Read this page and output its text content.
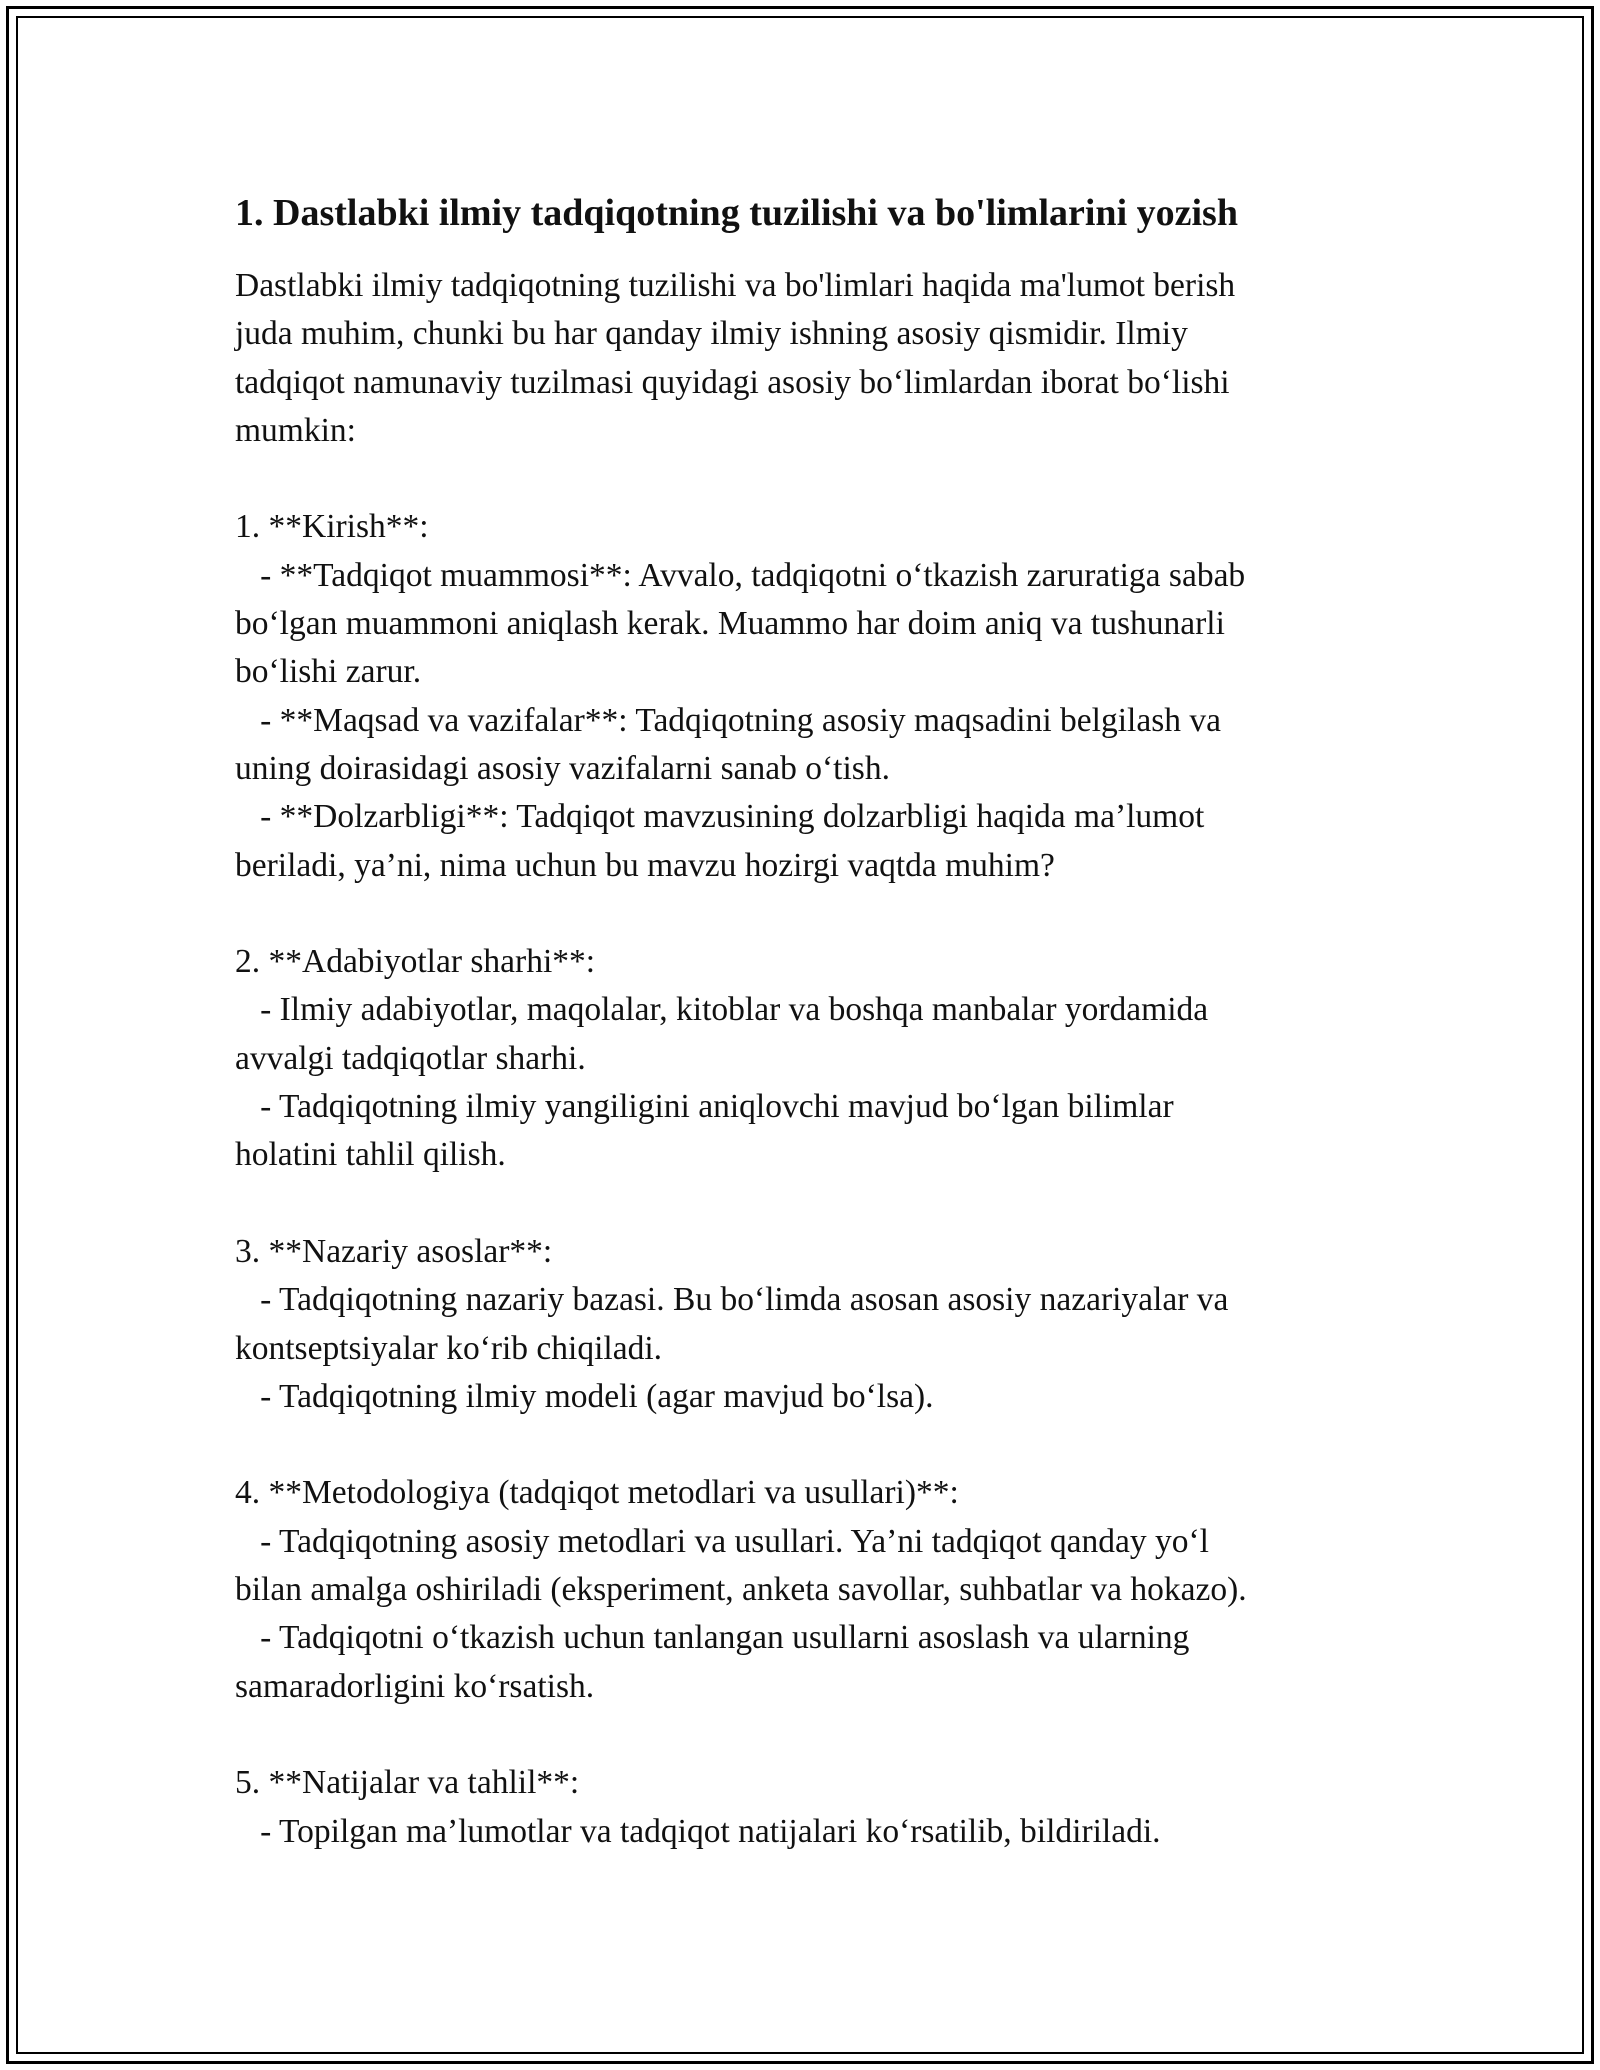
1. Dastlabki ilmiy tadqiqotning tuzilishi va bo'limlarini yozish
Dastlabki ilmiy tadqiqotning tuzilishi va bo'limlari haqida ma'lumot berish
juda muhim, chunki bu har qanday ilmiy ishning asosiy qismidir. Ilmiy
tadqiqot namunaviy tuzilmasi quyidagi asosiy bo‘limlardan iborat bo‘lishi
mumkin:
1. **Kirish**:
- **Tadqiqot muammosi**: Avvalo, tadqiqotni o‘tkazish zaruratiga sabab
bo‘lgan muammoni aniqlash kerak. Muammo har doim aniq va tushunarli
bo‘lishi zarur.
- **Maqsad va vazifalar**: Tadqiqotning asosiy maqsadini belgilash va
uning doirasidagi asosiy vazifalarni sanab o‘tish.
- **Dolzarbligi**: Tadqiqot mavzusining dolzarbligi haqida ma’lumot
beriladi, ya’ni, nima uchun bu mavzu hozirgi vaqtda muhim?
2. **Adabiyotlar sharhi**:
- Ilmiy adabiyotlar, maqolalar, kitoblar va boshqa manbalar yordamida
avvalgi tadqiqotlar sharhi.
- Tadqiqotning ilmiy yangiligini aniqlovchi mavjud bo‘lgan bilimlar
holatini tahlil qilish.
3. **Nazariy asoslar**:
- Tadqiqotning nazariy bazasi. Bu bo‘limda asosan asosiy nazariyalar va
kontseptsiyalar ko‘rib chiqiladi.
- Tadqiqotning ilmiy modeli (agar mavjud bo‘lsa).
4. **Metodologiya (tadqiqot metodlari va usullari)**:
- Tadqiqotning asosiy metodlari va usullari. Ya’ni tadqiqot qanday yo‘l
bilan amalga oshiriladi (eksperiment, anketa savollar, suhbatlar va hokazo).
- Tadqiqotni o‘tkazish uchun tanlangan usullarni asoslash va ularning
samaradorligini ko‘rsatish.
5. **Natijalar va tahlil**:
- Topilgan ma’lumotlar va tadqiqot natijalari ko‘rsatilib, bildiriladi.
